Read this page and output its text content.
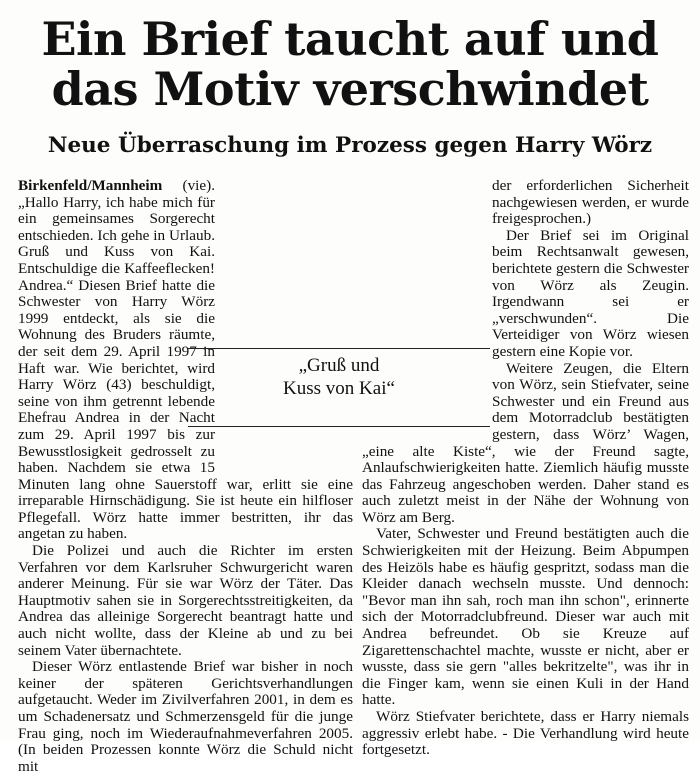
Ein Brief taucht auf und
das Motiv verschwindet
Neue Überraschung im Prozess gegen Harry Wörz

Birkenfeld/Mannheim (vie). „Hallo Harry, ich habe mich für ein gemeinsames Sorgerecht entschieden. Ich gehe in Urlaub. Gruß und Kuss von Kai. Entschuldige die Kaffeeflecken! Andrea.“ Diesen Brief hatte die Schwester von Harry Wörz 1999 entdeckt, als sie die Wohnung des Bruders räumte, der seit dem 29. April 1997 in Haft war. Wie berichtet, wird Harry Wörz (43) beschuldigt, seine von ihm getrennt lebende Ehefrau Andrea in der Nacht zum 29. April 1997 bis zur Bewusstlosigkeit gedrosselt zu haben. Nachdem sie etwa 15 Minuten lang ohne Sauerstoff war, erlitt sie eine irreparable Hirnschädigung. Sie ist heute ein hilfloser Pflegefall. Wörz hatte immer bestritten, ihr das angetan zu haben.

Die Polizei und auch die Richter im ersten Verfahren vor dem Karlsruher Schwurgericht waren anderer Meinung. Für sie war Wörz der Täter. Das Hauptmotiv sahen sie in Sorgerechtsstreitigkeiten, da Andrea das alleinige Sorgerecht beantragt hatte und auch nicht wollte, dass der Kleine ab und zu bei seinem Vater übernachtete.

Dieser Wörz entlastende Brief war bisher in noch keiner der späteren Gerichtsverhandlungen aufgetaucht. Weder im Zivilverfahren 2001, in dem es um Schadenersatz und Schmerzensgeld für die junge Frau ging, noch im Wiederaufnahmeverfahren 2005. (In beiden Prozessen konnte Wörz die Schuld nicht mit

der erforderlichen Sicherheit nachgewiesen werden, er wurde freigesprochen.)

Der Brief sei im Original beim Rechtsanwalt gewesen, berichtete gestern die Schwester von Wörz als Zeugin. Irgendwann sei er „verschwunden“. Die Verteidiger von Wörz wiesen gestern eine Kopie vor.

Weitere Zeugen, die Eltern von Wörz, sein Stiefvater, seine Schwester und ein Freund aus dem Motorradclub bestätigten gestern, dass Wörz’ Wagen, „eine alte Kiste“, wie der Freund sagte, Anlaufschwierigkeiten hatte. Ziemlich häufig musste das Fahrzeug angeschoben werden. Daher stand es auch zuletzt meist in der Nähe der Wohnung von Wörz am Berg.

Vater, Schwester und Freund bestätigten auch die Schwierigkeiten mit der Heizung. Beim Abpumpen des Heizöls habe es häufig gespritzt, sodass man die Kleider danach wechseln musste. Und dennoch: "Bevor man ihn sah, roch man ihn schon", erinnerte sich der Motorradclubfreund. Dieser war auch mit Andrea befreundet. Ob sie Kreuze auf Zigarettenschachtel machte, wusste er nicht, aber er wusste, dass sie gern "alles bekritzelte", was ihr in die Finger kam, wenn sie einen Kuli in der Hand hatte.

Wörz Stiefvater berichtete, dass er Harry niemals aggressiv erlebt habe. - Die Verhandlung wird heute fortgesetzt.

„Gruß und
Kuss von Kai“
